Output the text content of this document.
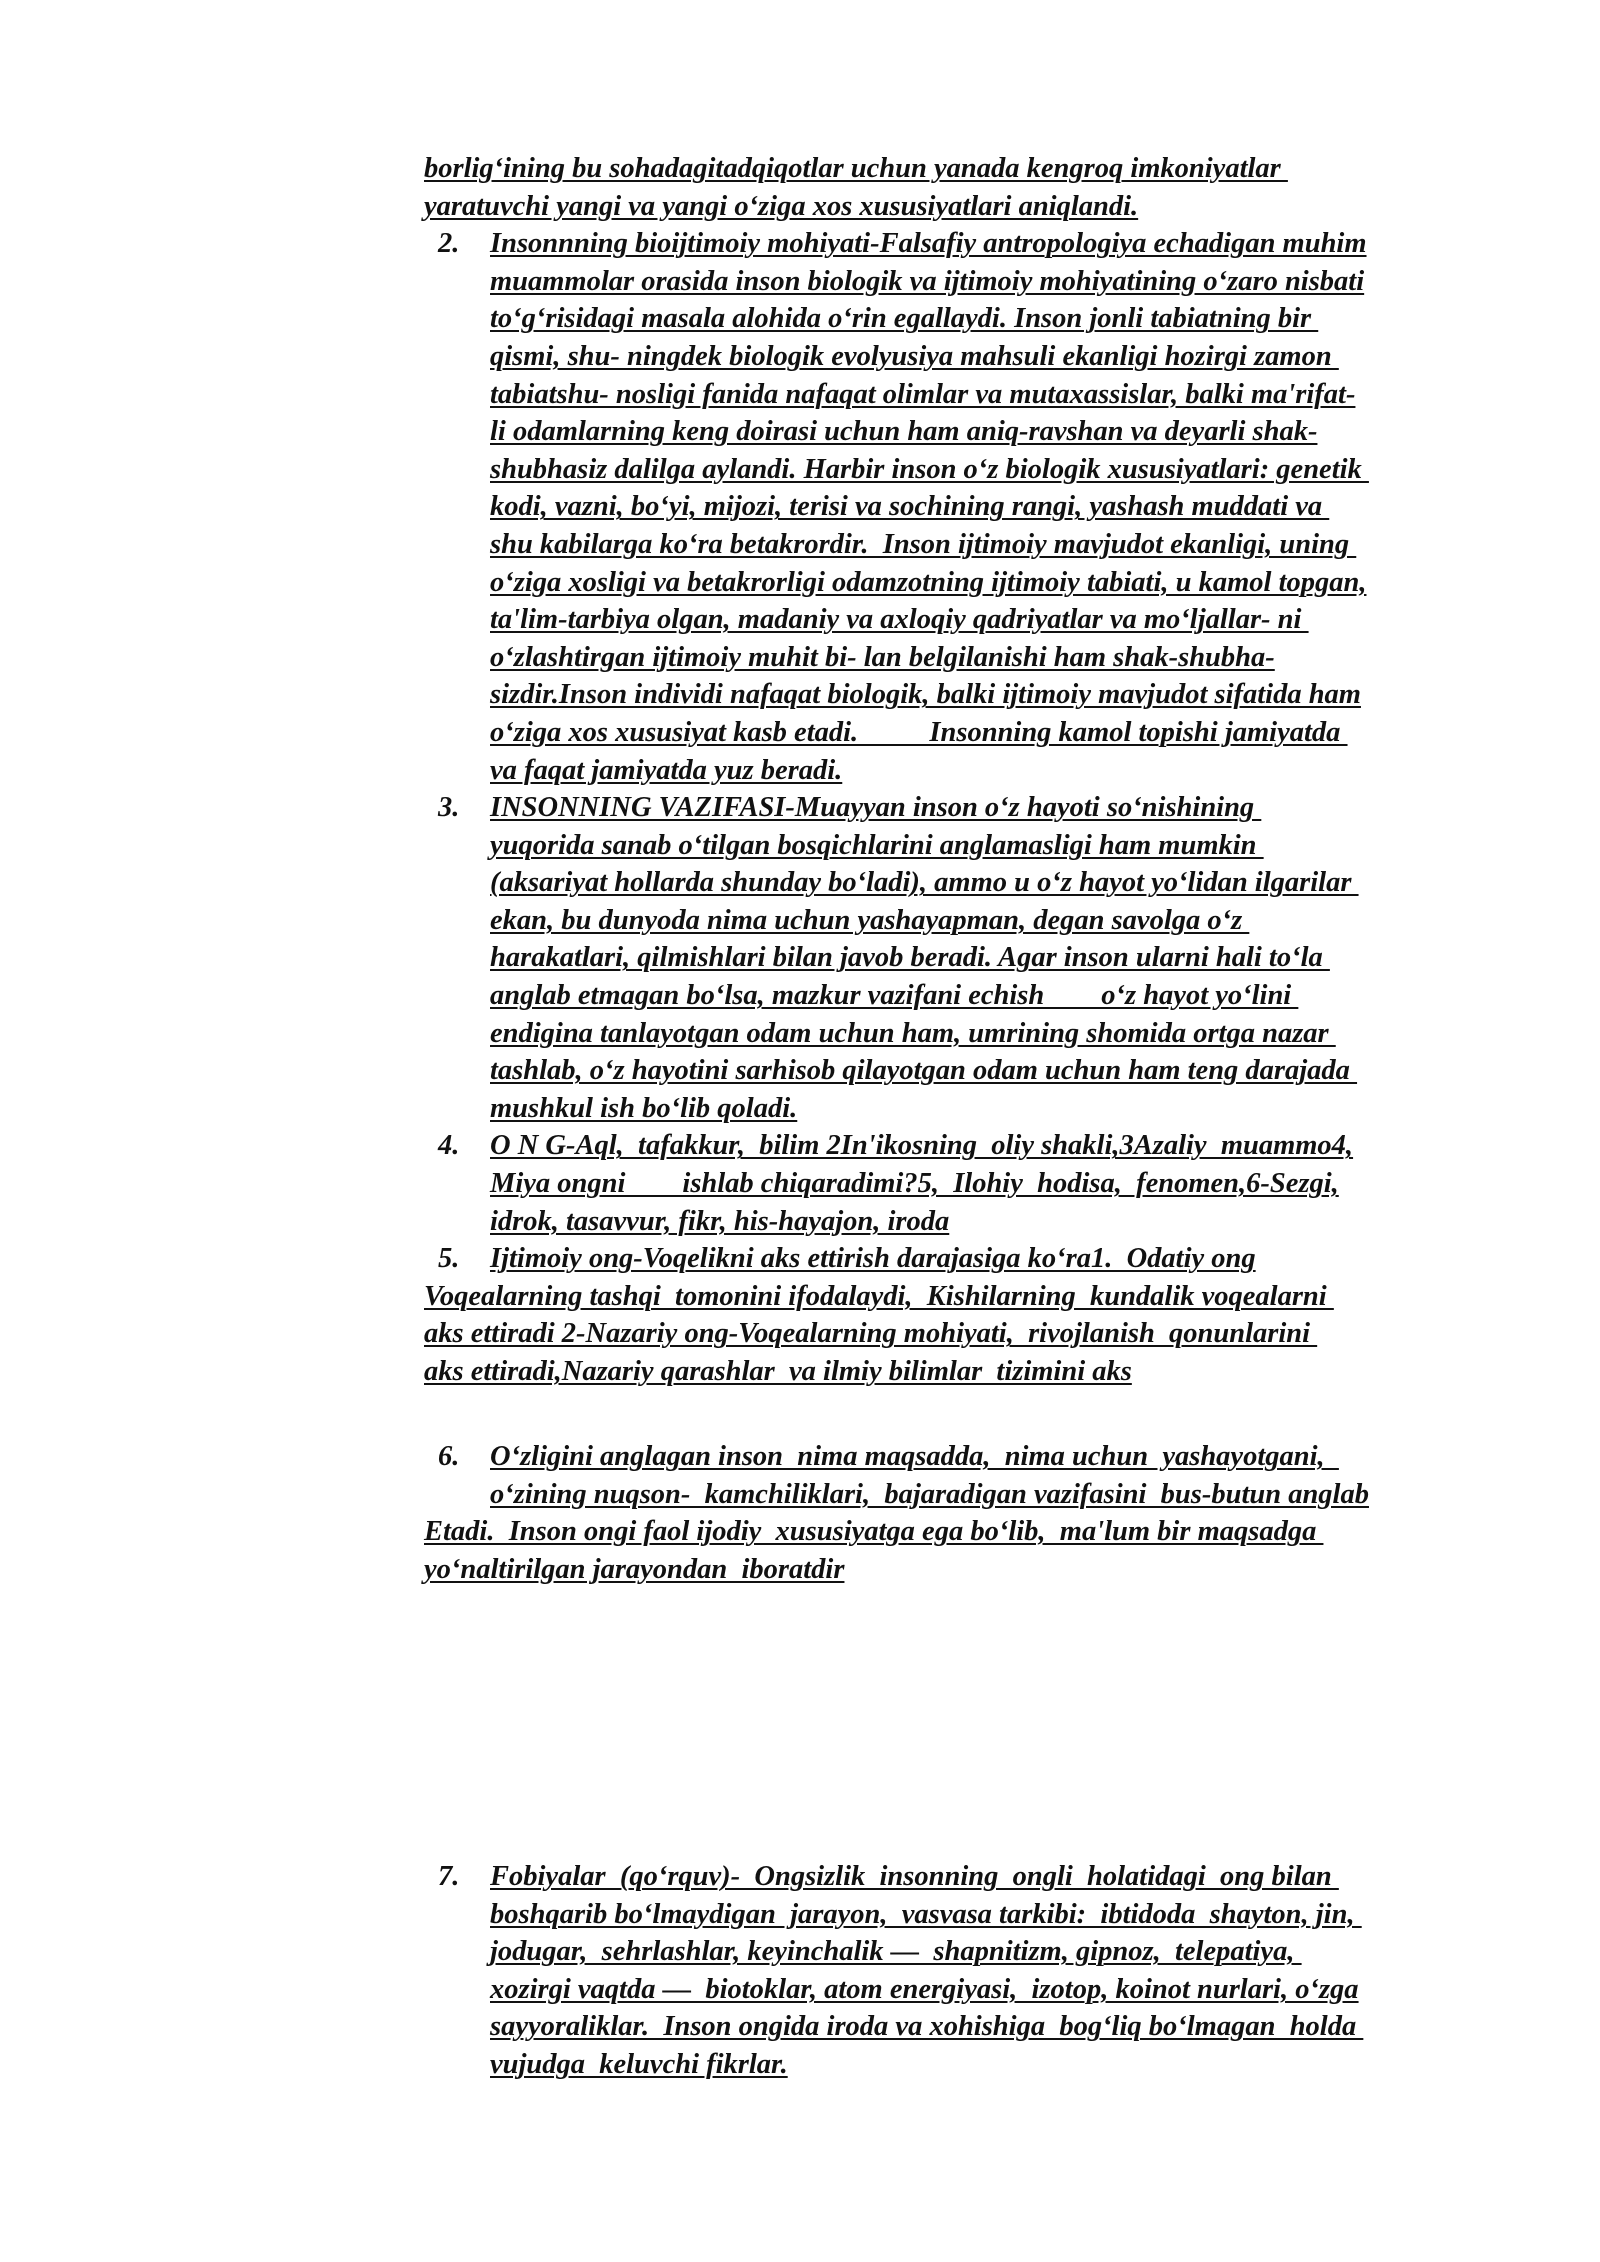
borlig‘ining bu sohadagitadqiqotlar uchun yanada kengroq imkoniyatlar
yaratuvchi yangi va yangi o‘ziga xos xususiyatlari aniqlandi.

2. Insonnning bioijtimoiy mohiyati-Falsafiy antropologiya echadigan muhim
muammolar orasida inson biologik va ijtimoiy mohiyatining o‘zaro nisbati
to‘g‘risidagi masala alohida o‘rin egallaydi. Inson jonli tabiatning bir
qismi, shu- ningdek biologik evolyusiya mahsuli ekanligi hozirgi zamon
tabiatshu- nosligi fanida nafaqat olimlar va mutaxassislar, balki ma'rifat-
li odamlarning keng doirasi uchun ham aniq-ravshan va deyarli shak-
shubhasiz dalilga aylandi. Harbir inson o‘z biologik xususiyatlari: genetik
kodi, vazni, bo‘yi, mijozi, terisi va sochining rangi, yashash muddati va
shu kabilarga ko‘ra betakrordir.  Inson ijtimoiy mavjudot ekanligi, uning
o‘ziga xosligi va betakrorligi odamzotning ijtimoiy tabiati, u kamol topgan,
ta'lim-tarbiya olgan, madaniy va axloqiy qadriyatlar va mo‘ljallar- ni
o‘zlashtirgan ijtimoiy muhit bi- lan belgilanishi ham shak-shubha-
sizdir.Inson individi nafaqat biologik, balki ijtimoiy mavjudot sifatida ham
o‘ziga xos xususiyat kasb etadi.          Insonning kamol topishi jamiyatda
va faqat jamiyatda yuz beradi.
3. INSONNING VAZIFASI-Muayyan inson o‘z hayoti so‘nishining
yuqorida sanab o‘tilgan bosqichlarini anglamasligi ham mumkin
(aksariyat hollarda shunday bo‘ladi), ammo u o‘z hayot yo‘lidan ilgarilar
ekan, bu dunyoda nima uchun yashayapman, degan savolga o‘z
harakatlari, qilmishlari bilan javob beradi. Agar inson ularni hali to‘la
anglab etmagan bo‘lsa, mazkur vazifani echish        o‘z hayot yo‘lini
endigina tanlayotgan odam uchun ham, umrining shomida ortga nazar
tashlab, o‘z hayotini sarhisob qilayotgan odam uchun ham teng darajada
mushkul ish bo‘lib qoladi.
4. O N G-Aql,  tafakkur,  bilim 2In'ikosning  oliy shakli,3Azaliy  muammo4,
Miya ongni        ishlab chiqaradimi?5,  Ilohiy  hodisa,  fenomen,6-Sezgi,
idrok, tasavvur, fikr, his-hayajon, iroda
5. Ijtimoiy ong-Voqelikni aks ettirish darajasiga ko‘ra1.  Odatiy ong
Voqealarning tashqi  tomonini ifodalaydi,  Kishilarning  kundalik voqealarni
aks ettiradi 2-Nazariy ong-Voqealarning mohiyati,  rivojlanish  qonunlarini
aks ettiradi,Nazariy qarashlar  va ilmiy bilimlar  tizimini aks
6. O‘zligini anglagan inson  nima maqsadda,  nima uchun  yashayotgani,
o‘zining nuqson-  kamchiliklari,  bajaradigan vazifasini  bus-butun anglab
Etadi.  Inson ongi faol ijodiy  xususiyatga ega bo‘lib,  ma'lum bir maqsadga
yo‘naltirilgan jarayondan  iboratdir
7. Fobiyalar  (qo‘rquv)-  Ongsizlik  insonning  ongli  holatidagi  ong bilan
boshqarib bo‘lmaydigan  jarayon,  vasvasa tarkibi:  ibtidoda  shayton, jin,
jodugar,  sehrlashlar, keyinchalik —  shapnitizm, gipnoz,  telepatiya,
xozirgi vaqtda —  biotoklar, atom energiyasi,  izotop, koinot nurlari, o‘zga
sayyoraliklar.  Inson ongida iroda va xohishiga  bog‘liq bo‘lmagan  holda
vujudga  keluvchi fikrlar.
